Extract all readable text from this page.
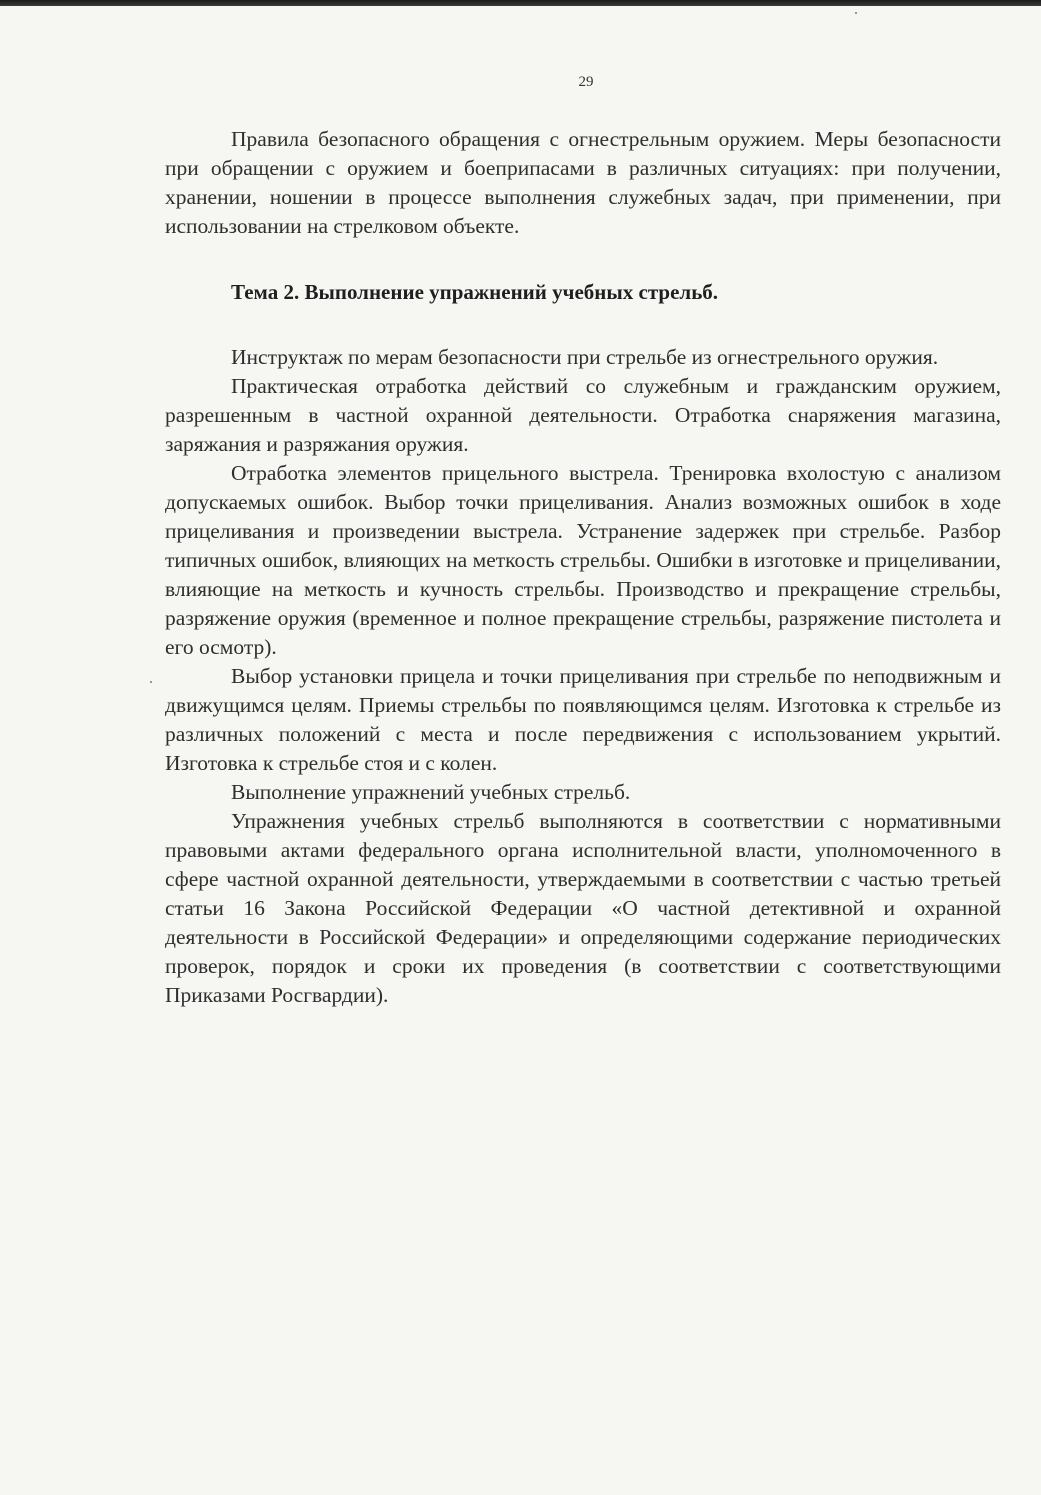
29

Правила безопасного обращения с огнестрельным оружием. Меры безопасности при обращении с оружием и боеприпасами в различных ситуациях: при получении, хранении, ношении в процессе выполнения служебных задач, при применении, при использовании на стрелковом объекте.

Тема 2. Выполнение упражнений учебных стрельб.

Инструктаж по мерам безопасности при стрельбе из огнестрельного оружия.

Практическая отработка действий со служебным и гражданским оружием, разрешенным в частной охранной деятельности. Отработка снаряжения магазина, заряжания и разряжания оружия.

Отработка элементов прицельного выстрела. Тренировка вхолостую с анализом допускаемых ошибок. Выбор точки прицеливания. Анализ возможных ошибок в ходе прицеливания и произведении выстрела. Устранение задержек при стрельбе. Разбор типичных ошибок, влияющих на меткость стрельбы. Ошибки в изготовке и прицеливании, влияющие на меткость и кучность стрельбы. Производство и прекращение стрельбы, разряжение оружия (временное и полное прекращение стрельбы, разряжение пистолета и его осмотр).

Выбор установки прицела и точки прицеливания при стрельбе по неподвижным и движущимся целям. Приемы стрельбы по появляющимся целям. Изготовка к стрельбе из различных положений с места и после передвижения с использованием укрытий. Изготовка к стрельбе стоя и с колен.

Выполнение упражнений учебных стрельб.

Упражнения учебных стрельб выполняются в соответствии с нормативными правовыми актами федерального органа исполнительной власти, уполномоченного в сфере частной охранной деятельности, утверждаемыми в соответствии с частью третьей статьи 16 Закона Российской Федерации «О частной детективной и охранной деятельности в Российской Федерации» и определяющими содержание периодических проверок, порядок и сроки их проведения (в соответствии с соответствующими Приказами Росгвардии).
